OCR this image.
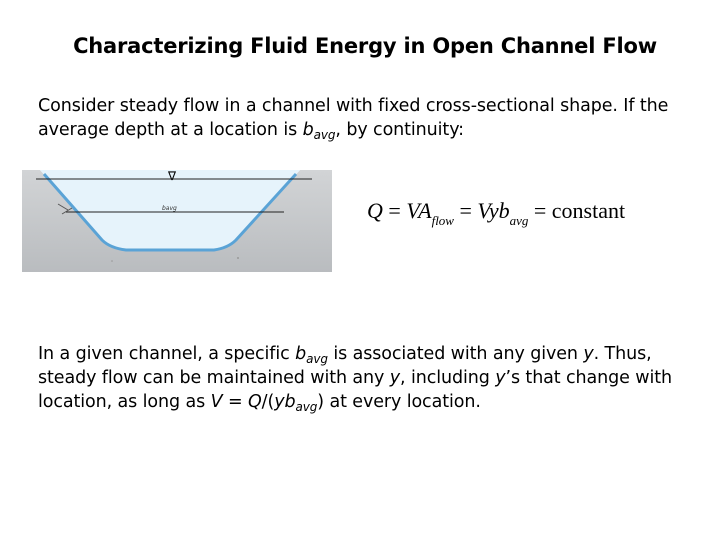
Characterizing Fluid Energy in Open Channel Flow
Consider steady flow in a channel with fixed cross-sectional shape. If the average depth at a location is $b_{avg}$, by continuity:
∇
bavg	$Q = VA_{flow} = Vyb_{avg}$ = constant
In a given channel, a specific $b_{avg}$ is associated with any given y. Thus, steady flow can be maintained with any y, including y’s that change with location, as long as $V = Q/(yb_{avg})$ at every location.
